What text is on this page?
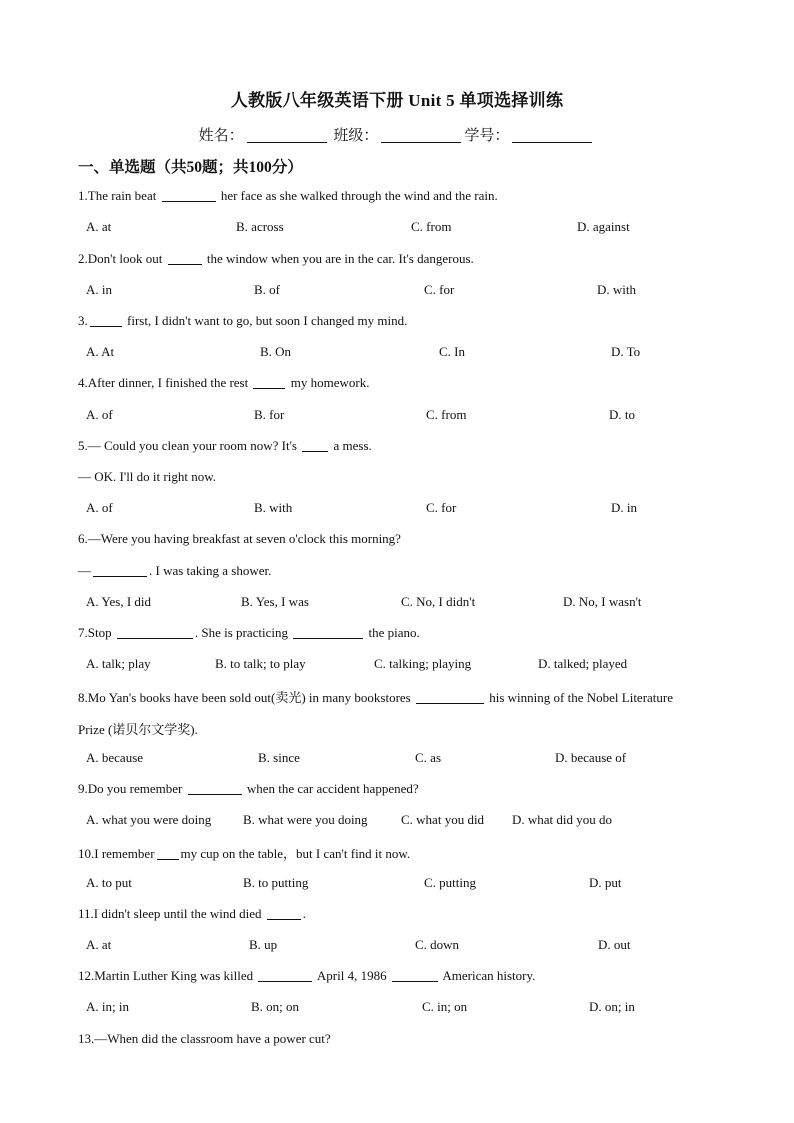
人教版八年级英语下册 Unit 5 单项选择训练
姓名：	班级：	学号：
一、单选题（共50题；共100分）
1.The rain beat	her face as she walked through the wind and the rain.
A. at	B. across	C. from	D. against
2.Don't look out	the window when you are in the car. It's dangerous.
A. in	B. of	C. for	D. with
3.	first, I didn't want to go, but soon I changed my mind.
A. At	B. On	C. In	D. To
4.After dinner, I finished the rest	my homework.
A. of	B. for	C. from	D. to
5.— Could you clean your room now? It's  a mess.
— OK. I'll do it right now.
A. of	B. with	C. for	D. in
6.—Were you having breakfast at seven o'clock this morning?
—	. I was taking a shower.
A. Yes, I did	B. Yes, I was	C. No, I didn't	D. No, I wasn't
7.Stop	. She is practicing	the piano.
A. talk; play	B. to talk; to play	C. talking; playing	D. talked; played
8.Mo Yan's books have been sold out(卖光) in many bookstores	his winning of the Nobel Literature
Prize (诺贝尔文学奖).
A. because	B. since	C. as	D. because of
9.Do you remember	when the car accident happened?
A. what you were doing B. what were you doing	C. what you did D. what did you do
10.I remember my cup on the table，but I can't find it now.
A. to put	B. to putting	C. putting	D. put
11.I didn't sleep until the wind died	.
A. at	B. up	C. down	D. out
12.Martin Luther King was killed	April 4, 1986	American history.
A. in; in	B. on; on	C. in; on	D. on; in
13.—When did the classroom have a power cut?
